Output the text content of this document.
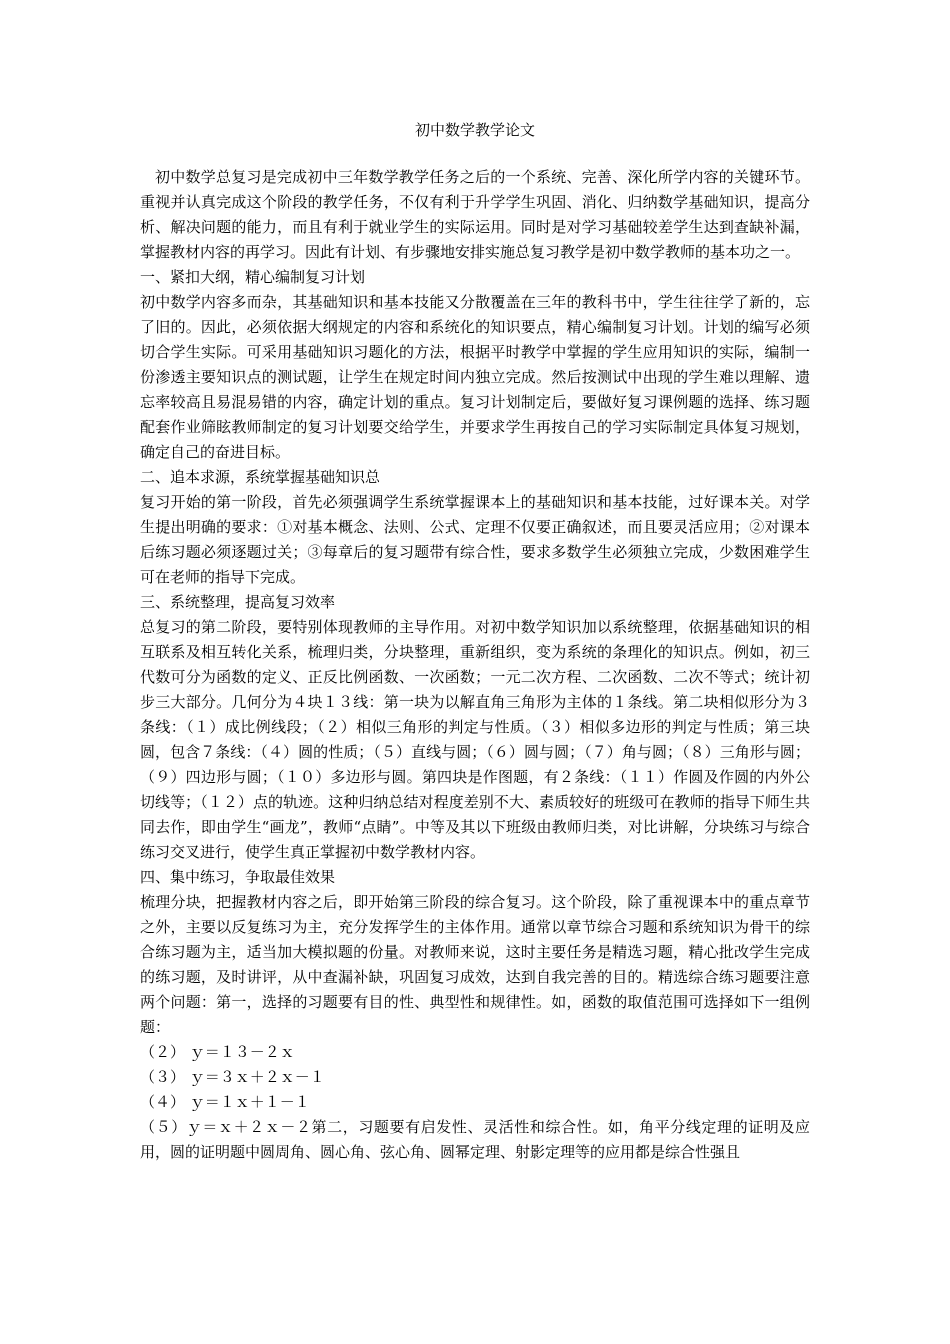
初中数学教学论文

初中数学总复习是完成初中三年数学教学任务之后的一个系统、完善、深化所学内容的关键环节。重视并认真完成这个阶段的教学任务，不仅有利于升学学生巩固、消化、归纳数学基础知识，提高分析、解决问题的能力，而且有利于就业学生的实际运用。同时是对学习基础较差学生达到查缺补漏，掌握教材内容的再学习。因此有计划、有步骤地安排实施总复习教学是初中数学教师的基本功之一。

一、紧扣大纲，精心编制复习计划

初中数学内容多而杂，其基础知识和基本技能又分散覆盖在三年的教科书中，学生往往学了新的，忘了旧的。因此，必须依据大纲规定的内容和系统化的知识要点，精心编制复习计划。计划的编写必须切合学生实际。可采用基础知识习题化的方法，根据平时教学中掌握的学生应用知识的实际，编制一份渗透主要知识点的测试题，让学生在规定时间内独立完成。然后按测试中出现的学生难以理解、遗忘率较高且易混易错的内容，确定计划的重点。复习计划制定后，要做好复习课例题的选择、练习题配套作业筛眩教师制定的复习计划要交给学生，并要求学生再按自己的学习实际制定具体复习规划，确定自己的奋进目标。

二、追本求源，系统掌握基础知识总

复习开始的第一阶段，首先必须强调学生系统掌握课本上的基础知识和基本技能，过好课本关。对学生提出明确的要求：①对基本概念、法则、公式、定理不仅要正确叙述，而且要灵活应用；②对课本后练习题必须逐题过关；③每章后的复习题带有综合性，要求多数学生必须独立完成，少数困难学生可在老师的指导下完成。

三、系统整理，提高复习效率

总复习的第二阶段，要特别体现教师的主导作用。对初中数学知识加以系统整理，依据基础知识的相互联系及相互转化关系，梳理归类，分块整理，重新组织，变为系统的条理化的知识点。例如，初三代数可分为函数的定义、正反比例函数、一次函数；一元二次方程、二次函数、二次不等式；统计初步三大部分。几何分为４块１３线：第一块为以解直角三角形为主体的１条线。第二块相似形分为３条线：（１）成比例线段；（２）相似三角形的判定与性质。（３）相似多边形的判定与性质；第三块圆，包含７条线：（４）圆的性质；（５）直线与圆；（６）圆与圆；（７）角与圆；（８）三角形与圆；（９）四边形与圆；（１０）多边形与圆。第四块是作图题，有２条线：（１１）作圆及作圆的内外公切线等；（１２）点的轨迹。这种归纳总结对程度差别不大、素质较好的班级可在教师的指导下师生共同去作，即由学生“画龙”，教师“点睛”。中等及其以下班级由教师归类，对比讲解，分块练习与综合练习交叉进行，使学生真正掌握初中数学教材内容。

四、集中练习，争取最佳效果

梳理分块，把握教材内容之后，即开始第三阶段的综合复习。这个阶段，除了重视课本中的重点章节之外，主要以反复练习为主，充分发挥学生的主体作用。通常以章节综合习题和系统知识为骨干的综合练习题为主，适当加大模拟题的份量。对教师来说，这时主要任务是精选习题，精心批改学生完成的练习题，及时讲评，从中查漏补缺，巩固复习成效，达到自我完善的目的。精选综合练习题要注意两个问题：第一，选择的习题要有目的性、典型性和规律性。如，函数的取值范围可选择如下一组例题：

（２） ｙ＝１３－２ｘ

（３） ｙ＝３ｘ＋２ｘ－１

（４） ｙ＝１ｘ＋１－１

（５）ｙ＝ｘ＋２ｘ－２第二，习题要有启发性、灵活性和综合性。如，角平分线定理的证明及应用，圆的证明题中圆周角、圆心角、弦心角、圆幂定理、射影定理等的应用都是综合性强且
